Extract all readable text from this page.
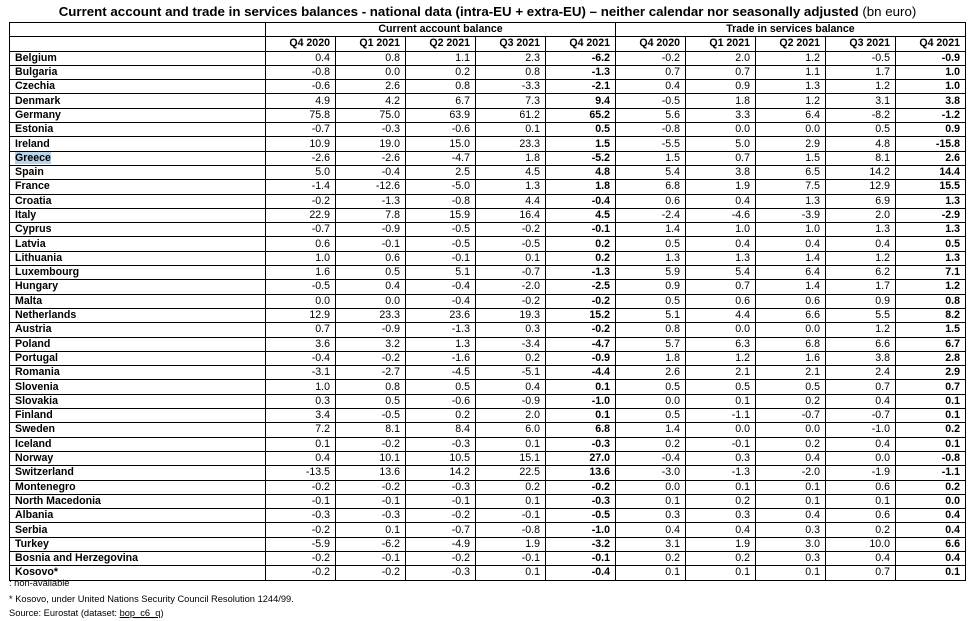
Current account and trade in services balances - national data (intra-EU + extra-EU) – neither calendar nor seasonally adjusted (bn euro)
	Current account balance					Trade in services balance				
	Q4 2020	Q1 2021	Q2 2021	Q3 2021	Q4 2021	Q4 2020	Q1 2021	Q2 2021	Q3 2021	Q4 2021
Belgium	0.4	0.8	1.1	2.3	-6.2	-0.2	2.0	1.2	-0.5	-0.9
Bulgaria	-0.8	0.0	0.2	0.8	-1.3	0.7	0.7	1.1	1.7	1.0
Czechia	-0.6	2.6	0.8	-3.3	-2.1	0.4	0.9	1.3	1.2	1.0
Denmark	4.9	4.2	6.7	7.3	9.4	-0.5	1.8	1.2	3.1	3.8
Germany	75.8	75.0	63.9	61.2	65.2	5.6	3.3	6.4	-8.2	-1.2
Estonia	-0.7	-0.3	-0.6	0.1	0.5	-0.8	0.0	0.0	0.5	0.9
Ireland	10.9	19.0	15.0	23.3	1.5	-5.5	5.0	2.9	4.8	-15.8
Greece	-2.6	-2.6	-4.7	1.8	-5.2	1.5	0.7	1.5	8.1	2.6
Spain	5.0	-0.4	2.5	4.5	4.8	5.4	3.8	6.5	14.2	14.4
France	-1.4	-12.6	-5.0	1.3	1.8	6.8	1.9	7.5	12.9	15.5
Croatia	-0.2	-1.3	-0.8	4.4	-0.4	0.6	0.4	1.3	6.9	1.3
Italy	22.9	7.8	15.9	16.4	4.5	-2.4	-4.6	-3.9	2.0	-2.9
Cyprus	-0.7	-0.9	-0.5	-0.2	-0.1	1.4	1.0	1.0	1.3	1.3
Latvia	0.6	-0.1	-0.5	-0.5	0.2	0.5	0.4	0.4	0.4	0.5
Lithuania	1.0	0.6	-0.1	0.1	0.2	1.3	1.3	1.4	1.2	1.3
Luxembourg	1.6	0.5	5.1	-0.7	-1.3	5.9	5.4	6.4	6.2	7.1
Hungary	-0.5	0.4	-0.4	-2.0	-2.5	0.9	0.7	1.4	1.7	1.2
Malta	0.0	0.0	-0.4	-0.2	-0.2	0.5	0.6	0.6	0.9	0.8
Netherlands	12.9	23.3	23.6	19.3	15.2	5.1	4.4	6.6	5.5	8.2
Austria	0.7	-0.9	-1.3	0.3	-0.2	0.8	0.0	0.0	1.2	1.5
Poland	3.6	3.2	1.3	-3.4	-4.7	5.7	6.3	6.8	6.6	6.7
Portugal	-0.4	-0.2	-1.6	0.2	-0.9	1.8	1.2	1.6	3.8	2.8
Romania	-3.1	-2.7	-4.5	-5.1	-4.4	2.6	2.1	2.1	2.4	2.9
Slovenia	1.0	0.8	0.5	0.4	0.1	0.5	0.5	0.5	0.7	0.7
Slovakia	0.3	0.5	-0.6	-0.9	-1.0	0.0	0.1	0.2	0.4	0.1
Finland	3.4	-0.5	0.2	2.0	0.1	0.5	-1.1	-0.7	-0.7	0.1
Sweden	7.2	8.1	8.4	6.0	6.8	1.4	0.0	0.0	-1.0	0.2
Iceland	0.1	-0.2	-0.3	0.1	-0.3	0.2	-0.1	0.2	0.4	0.1
Norway	0.4	10.1	10.5	15.1	27.0	-0.4	0.3	0.4	0.0	-0.8
Switzerland	-13.5	13.6	14.2	22.5	13.6	-3.0	-1.3	-2.0	-1.9	-1.1
Montenegro	-0.2	-0.2	-0.3	0.2	-0.2	0.0	0.1	0.1	0.6	0.2
North Macedonia	-0.1	-0.1	-0.1	0.1	-0.3	0.1	0.2	0.1	0.1	0.0
Albania	-0.3	-0.3	-0.2	-0.1	-0.5	0.3	0.3	0.4	0.6	0.4
Serbia	-0.2	0.1	-0.7	-0.8	-1.0	0.4	0.4	0.3	0.2	0.4
Turkey	-5.9	-6.2	-4.9	1.9	-3.2	3.1	1.9	3.0	10.0	6.6
Bosnia and Herzegovina	-0.2	-0.1	-0.2	-0.1	-0.1	0.2	0.2	0.3	0.4	0.4
Kosovo*	-0.2	-0.2	-0.3	0.1	-0.4	0.1	0.1	0.1	0.7	0.1
: non-available
* Kosovo, under United Nations Security Council Resolution 1244/99.
Source: Eurostat (dataset: bop_c6_q)
